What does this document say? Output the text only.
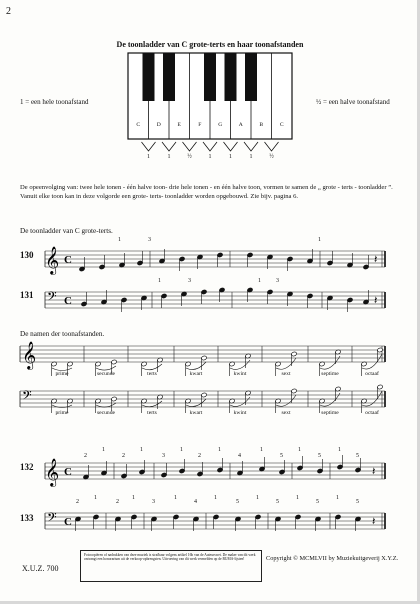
2
De toonladder van C grote-terts en haar toonafstanden
𝄞 C	𝄽
𝄢 C	𝄽
𝄞
𝄢
𝄞 C	𝄽
𝄢 C	𝄽
1 = een hele toonafstand	½ = een halve toonafstand
De opeenvolging van: twee hele tonen - één halve toon- drie hele tonen - en één halve toon, vormen te samen de „ grote - terts - toonladder ”. Vanuit elke toon kan in deze volgorde een grote- terts- toonladder worden opgebouwd. Zie bijv. pagina 6.
De toonladder van C grote-terts.
De namen der toonafstanden.
130
131
132
133
C	D	E	F	G	A	B	C
1	1	½	1	1	1	½
1	3	1
1	3	1	3
prime	secunde	terts	kwart	kwint	sext	septime	octaaf
prime	secunde	terts	kwart	kwint	sext	septime	octaaf
2
1
2
1
3
1
2
1
4
1
5
1
5
1
5
2
1
2
1
3
1
4
1
5
1
5
1
5
1
5
X.U.Z. 700
Fotocopiëren of nadrukken van deze muziek is strafbaar volgens artikel 16b van de Auteurswet. De maker van dit werk ontvangt een honorarium uit de verkoop-opbrengsten. Uitvoering van dit werk vermelden op de BUMA-lijsten!	Copyright © MCMLVII by Muziekuitgeverij X.Y.Z.
